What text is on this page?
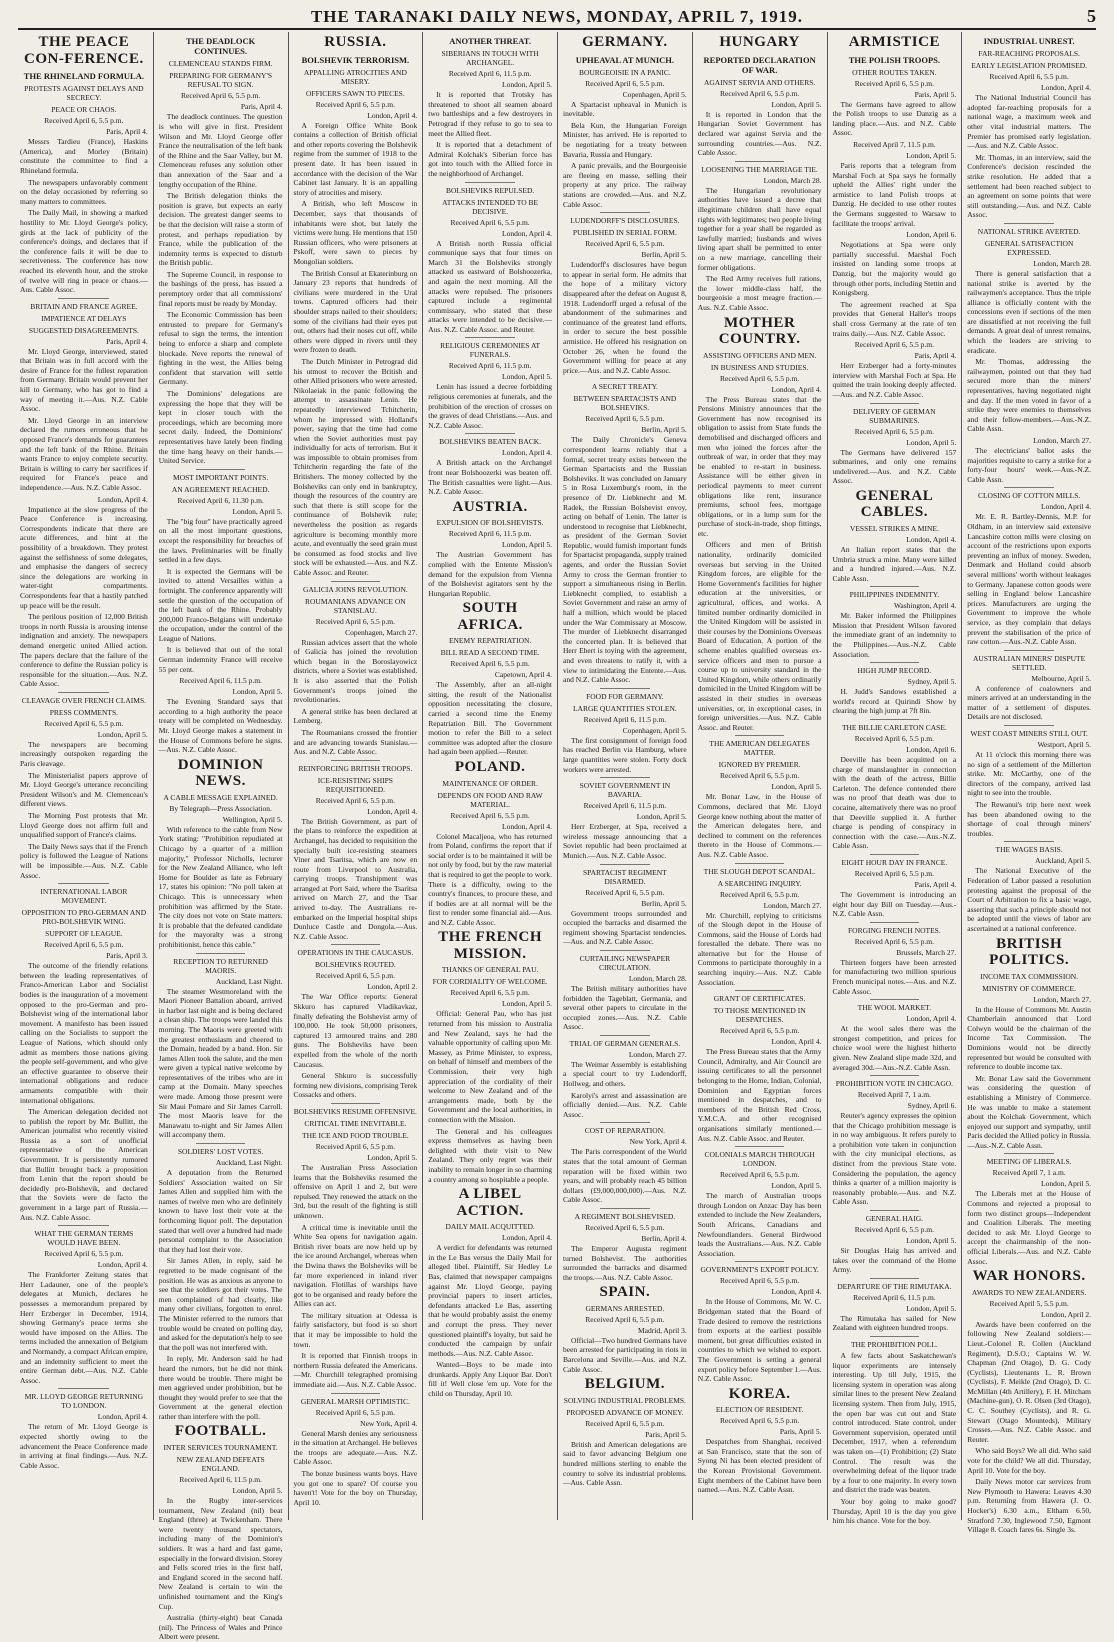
THE TARANAKI DAILY NEWS, MONDAY, APRIL 7, 1919.	5
THE PEACE CON-FERENCE.
THE RHINELAND FORMULA.
PROTESTS AGAINST DELAYS AND SECRECY.
PEACE OR CHAOS.
Received April 6, 5.5 p.m.
Paris, April 4.

Messrs Tardieu (France), Haskins (America), and Morley (Britain) constitute the committee to find a Rhineland formula.

The newspapers unfavorably comment on the delay occasioned by referring so many matters to committees.

The Daily Mail, in showing a marked hostility to Mr. Lloyd George's policy, girds at the lack of publicity of the conference's doings, and declares that if the conference fails it will be due to secretiveness. The conference has now reached its eleventh hour, and the stroke of twelve will ring in peace or chaos.—Aus. Cable Assoc.

BRITAIN AND FRANCE AGREE.
IMPATIENCE AT DELAYS
SUGGESTED DISAGREEMENTS.
Paris, April 4.

Mr. Lloyd George, interviewed, stated that Britain was in full accord with the desire of France for the fullest reparation from Germany. Britain would prevent her kill to Germany, who has got to find a way of meeting it.—Aus. N.Z. Cable Assoc.

Mr. Lloyd George in an interview declared the rumors erroneous that he opposed France's demands for guarantees and the left bank of the Rhine. Britain wants France to enjoy complete security. Britain is willing to carry her sacrifices if required for France's peace and independence.—Aus. N.Z. Cable Assoc.

London, April 4.

Impatience at the slow progress of the Peace Conference is increasing. Correspondents indicate that there are acute differences, and hint at the possibility of a breakdown. They protest against the selfishness of some delegates, and emphasise the dangers of secrecy since the delegations are working in water-tight compartments. Correspondents fear that a hastily patched up peace will be the result.

The perilous position of 12,000 British troops in north Russia is arousing intense indignation and anxiety. The newspapers demand energetic united Allied action. The papers declare that the failure of the conference to define the Russian policy is responsible for the situation.—Aus. N.Z. Cable Assoc.

CLEAVAGE OVER FRENCH CLAIMS.
PRESS COMMENTS.
Received April 6, 5.5 p.m.
London, April 5.

The newspapers are becoming increasingly outspoken regarding the Paris cleavage.

The Ministerialist papers approve of Mr. Lloyd George's utterance reconciling President Wilson's and M. Clemenceau's different views.

The Morning Post protests that Mr. Lloyd George does not affirm full and unqualified support of France's claims.

The Daily News says that if the French policy is followed the League of Nations will be impossible.—Aus. N.Z. Cable Assoc.

INTERNATIONAL LABOR MOVEMENT.
OPPOSITION TO PRO-GERMAN AND PRO-BOLSHEVIK WING.
SUPPORT OF LEAGUE.
Received April 6, 5.5 p.m.
Paris, April 3.

The outcome of the friendly relations between the leading representatives of Franco-American Labor and Socialist bodies is the inauguration of a movement opposed to the pro-German and pro-Bolshevist wing of the international labor movement. A manifesto has been issued calling on the Socialists to support the League of Nations, which should only admit as members those nations giving the people self-government, and who give an effective guarantee to observe their international obligations and reduce armaments compatible with their international obligations.

The American delegation decided not to publish the report by Mr. Bullitt, the American journalist who recently visited Russia as a sort of unofficial representative of the American Government. It is persistently rumored that Bullitt brought back a proposition from Lenin that the report should be decidedly pro-Bolshevik, and declared that the Soviets were de facto the government in a large part of Russia.—Aus. N.Z. Cable Assoc.

WHAT THE GERMAN TERMS WOULD HAVE BEEN.
Received April 6, 5.5 p.m.
London, April 4.

The Frankforter Zeitung states that Herr Ladauner, one of the people's delegates at Munich, declares he possesses a memorandum prepared by Herr Erzberger in December, 1914, showing Germany's peace terms she would have imposed on the Allies. The terms included the annexation of Belgium and Normandy, a compact African empire, and an indemnity sufficient to meet the entire German debt.—Aus. N.Z. Cable Assoc.

MR. LLOYD GEORGE RETURNING TO LONDON.
London, April 4.

The return of Mr. Lloyd George is expected shortly owing to the advancement the Peace Conference made in arriving at final findings.—Aus. N.Z. Cable Assoc.

THE DEADLOCK CONTINUES.
CLEMENCEAU STANDS FIRM.
PREPARING FOR GERMANY'S REFUSAL TO SIGN.
Received April 6, 5.5 p.m.
Paris, April 4.

The deadlock continues. The question is who will give in first. President Wilson and Mr. Lloyd George offer France the neutralisation of the left bank of the Rhine and the Saar Valley, but M. Clemenceau refuses any solution other than annexation of the Saar and a lengthy occupation of the Rhine.

The British delegation thinks the position is grave, but expects an early decision. The greatest danger seems to be that the decision will raise a storm of protest, and perhaps repudiation by France, while the publication of the indemnity terms is expected to disturb the British public.

The Supreme Council, in response to the bashings of the press, has issued a peremptory order that all commissions' final reports must be ready by Monday.

The Economic Commission has been entrusted to prepare for Germany's refusal to sign the terms, the intention being to enforce a sharp and complete blockade. Neve reports the renewal of fighting in the west, the Allies being confident that starvation will settle Germany.

The Dominions' delegations are expressing the hope that they will be kept in closer touch with the proceedings, which are becoming more secret daily. Indeed, the Dominions' representatives have lately been finding the time hang heavy on their hands.—United Service.

MOST IMPORTANT POINTS.
AN AGREEMENT REACHED.
Received April 6, 11.30 p.m.
London, April 5.

The "big four" have practically agreed on all the most important questions, except the responsibility for breaches of the laws. Preliminaries will be finally settled in a few days.

It is expected the Germans will be invited to attend Versailles within a fortnight. The conference apparently will settle the question of the occupation of the left bank of the Rhine. Probably 200,000 Franco-Belgians will undertake the occupation, under the control of the League of Nations.

It is believed that out of the total German indemnity France will receive 55 per cent.

Received April 6, 11.5 p.m.
London, April 5.

The Evening Standard says that according to a high authority the peace treaty will be completed on Wednesday. Mr. Lloyd George makes a statement in the House of Commons before he signs.—Aus. N.Z. Cable Assoc.

DOMINION NEWS.
A CABLE MESSAGE EXPLAINED.
By Telegraph—Press Association.
Wellington, April 5.

With reference to the cable from New York stating: "Prohibition repudiated at Chicago by a quarter of a million majority," Professor Nicholls, lecturer for the New Zealand Alliance, who left Home for Boulder as late as February 17, states his opinion: "No poll taken at Chicago. This is unnecessary when prohibition was affirmed by the State. The city does not vote on State matters. It is probable that the defeated candidate for the mayoralty was a strong prohibitionist, hence this cable."

RECEPTION TO RETURNED MAORIS.
Auckland, Last Night.

The steamer Westmoreland with the Maori Pioneer Battalion aboard, arrived in harbor last night and is being declared a clean ship. The troops were landed this morning. The Maoris were greeted with the greatest enthusiasm and cheered to the Domain, headed by a band. Hon. Sir James Allen took the salute, and the men were given a typical native welcome by representatives of the tribes who are in camp at the Domain. Many speeches were made. Among those present were Sir Maui Pomare and Sir James Carroll. The most Maoris leave for the Manawatu to-night and Sir James Allen will accompany them.

SOLDIERS' LOST VOTES.
Auckland, Last Night.

A deputation from the Returned Soldiers' Association waited on Sir James Allen and supplied him with the names of twelve men who are definitely known to have lost their vote at the forthcoming liquor poll. The deputation stated that well over a hundred had made personal complaint to the Association that they had lost their vote.

Sir James Allen, in reply, said he regretted to be made cognisant of the position. He was as anxious as anyone to see that the soldiers got their votes. The men complained of had clearly, like many other civilians, forgotten to enrol. The Minister referred to the rumors that trouble would be created on polling day, and asked for the deputation's help to see that the poll was not interfered with.

In reply, Mr. Anderson said he had heard the rumors, but he did not think there would be trouble. There might be men aggrieved under prohibition, but he thought they would prefer to see that the Government at the general election rather than interfere with the poll.

FOOTBALL.
INTER SERVICES TOURNAMENT.
NEW ZEALAND DEFEATS ENGLAND.
Received April 6, 11.5 p.m.
London, April 5.

In the Rugby inter-services tournament, New Zealand (nil) beat England (three) at Twickenham. There were twenty thousand spectators, including many of the Dominion's soldiers. It was a hard and fast game, especially in the forward division. Storey and Fells scored tries in the first half, and England scored in the second half. New Zealand is certain to win the unfinished tournament and the King's Cup.

Australia (thirty-eight) beat Canada (nil). The Princess of Wales and Prince Albert were present.

RUSSIA.
BOLSHEVIK TERRORISM.
APPALLING ATROCITIES AND MISERY.
OFFICERS SAWN TO PIECES.
Received April 6, 5.5 p.m.
London, April 4.

A Foreign Office White Book contains a collection of British official and other reports covering the Bolshevik regime from the summer of 1918 to the present date. It has been issued in accordance with the decision of the War Cabinet last January. It is an appalling story of atrocities and misery.

A British, who left Moscow in December, says that thousands of inhabitants were shot, but lately the victims were hung. He mentions that 150 Russian officers, who were prisoners at Pskoff, were sawn to pieces by Mongolian soldiers.

The British Consul at Ekaterinburg on January 23 reports that hundreds of civilians were murdered in the Ural towns. Captured officers had their shoulder straps nailed to their shoulders; some of the civilians had their eyes put out, others had their noses cut off, while others were dipped in rivers until they were frozen to death.

The Dutch Minister in Petrograd did his utmost to recover the British and other Allied prisoners who were arrested. Nikolaeiak in the panic following the attempt to assassinate Lenin. He repeatedly interviewed Tchitcherin, whom he impressed with Holland's power, saying that the time had come when the Soviet authorities must pay individually for acts of terrorism. But it was impossible to obtain promises from Tchitcherin regarding the fate of the Britishers. The money collected by the Bolsheviks can only end in bankruptcy, though the resources of the country are such that there is still scope for the continuance of Bolshevik rule; nevertheless the position as regards agriculture is becoming monthly more acute, and eventually the seed grain must be consumed as food stocks and live stock will be exhausted.—Aus. and N.Z. Cable Assoc. and Reuter.

GALICIA JOINS REVOLUTION.
ROUMANIANS ADVANCE ON STANISLAU.
Received April 6, 5.5 p.m.
Copenhagen, March 27.

Russian advices assert that the whole of Galicia has joined the revolution which began in the Boroslayowicz districts, where a Soviet was established. It is also asserted that the Polish Government's troops joined the revolutionaries.

A general strike has been declared at Lemberg.

The Roumanians crossed the frontier and are advancing towards Stanislau.—Aus. and N.Z. Cable Assoc.

REINFORCING BRITISH TROOPS.
ICE-RESISTING SHIPS REQUISITIONED.
Received April 6, 5.5 p.m.
London, April 4.

The British Government, as part of the plans to reinforce the expedition at Archangel, has decided to requisition the specially built ice-resisting steamers Viner and Tsaritsa, which are now en route from Liverpool to Australia, carrying troops. Transhipment was arranged at Port Said, where the Tsaritsa arrived on March 27, and the Tsar arrived to-day. The Australians re-embarked on the Imperial hospital ships Dunluce Castle and Dongola.—Aus. N.Z. Cable Assoc.

OPERATIONS IN THE CAUCASUS.
BOLSHEVIKS ROUTED.
Received April 6, 5.5 p.m.
London, April 2.

The War Office reports: General Skkuro has captured Vladikavkaz, finally defeating the Bolshevist army of 100,000. He took 50,000 prisoners, captured 13 armoured trains and 280 guns. The Bolsheviks have been expelled from the whole of the north Caucasus.

General Shkuro is successfully forming new divisions, comprising Terek Cossacks and others.

BOLSHEVIKS RESUME OFFENSIVE.
CRITICAL TIME INEVITABLE.
THE ICE AND FOOD TROUBLE.
Received April 6, 5.5 p.m.
London, April 5.

The Australian Press Association learns that the Bolsheviks resumed the offensive on April 1 and 2, but were repulsed. They renewed the attack on the 3rd, but the result of the fighting is still unknown.

A critical time is inevitable until the White Sea opens for navigation again. British river boats are now held up by the ice around Archangel, whereas when the Dwina thaws the Bolsheviks will be far more experienced in inland river navigation. Flotillas of warships have got to be organised and ready before the Allies can act.

The military situation at Odessa is fairly satisfactory, but food is so short that it may be impossible to hold the town.

It is reported that Finnish troops in northern Russia defeated the Americans.—Mr. Churchill telegraphed promising immediate aid.—Aus. N.Z. Cable Assoc.

GENERAL MARSH OPTIMISTIC.
Received April 6, 5.5 p.m.
New York, April 4.

General Marsh denies any seriousness in the situation at Archangel. He believes the troops are adequate.—Aus. N.Z. Cable Assoc.

The bonze business wants boys. Have you got one to spare? Of course you haven't! Vote for the boy on Thursday, April 10.

ANOTHER THREAT.
SIBERIANS IN TOUCH WITH ARCHANGEL.
Received April 6, 11.5 p.m.
London, April 5.

It is reported that Trotsky has threatened to shoot all seamen aboard two battleships and a few destroyers in Petrograd if they refuse to go to sea to meet the Allied fleet.

It is reported that a detachment of Admiral Kolchak's Siberian force has got into touch with the Allied force in the neighborhood of Archangel.

BOLSHEVIKS REPULSED.
ATTACKS INTENDED TO BE DECISIVE.
Received April 6, 5.5 p.m.
London, April 4.

A British north Russia official communique says that four times on March 31 the Bolsheviks strongly attacked us eastward of Bolshoozerka, and again the next morning. All the attacks were repulsed. The prisoners captured include a regimental commissary, who stated that these attacks were intended to be decisive.—Aus. N.Z. Cable Assoc. and Reuter.

RELIGIOUS CEREMONIES AT FUNERALS.
Received April 6, 11.5 p.m.
London, April 5.

Lenin has issued a decree forbidding religious ceremonies at funerals, and the prohibition of the erection of crosses on the graves of dead Christians.—Aus. and N.Z. Cable Assoc.

BOLSHEVIKS BEATEN BACK.
London, April 4.

A British attack on the Archangel front near Bolshoozerki was beaten off. The British casualties were light.—Aus. N.Z. Cable Assoc.

AUSTRIA.
EXPULSION OF BOLSHEVISTS.
Received April 6, 11.5 p.m.
London, April 5.

The Austrian Government has complied with the Entente Mission's demand for the expulsion from Vienna of the Bolshevist agitators sent by the Hungarian Republic.

SOUTH AFRICA.
ENEMY REPATRIATION.
BILL READ A SECOND TIME.
Received April 6, 5.5 p.m.
Capetown, April 4.

The Assembly, after an all-night sitting, the result of the Nationalist opposition necessitating the closure, carried a second time the Enemy Repatriation Bill. The Government motion to refer the Bill to a select committee was adopted after the closure had again been applied.—Reuter.

POLAND.
MAINTENANCE OF ORDER.
DEPENDS ON FOOD AND RAW MATERIAL.
Received April 6, 5.5 p.m.
London, April 4.

Colonel Macaljeoa, who has returned from Poland, confirms the report that if social order is to be maintained it will be not only by food, but by the raw material that is required to get the people to work. There is a difficulty, owing to the country's finances, to procure these, and if bodies are at all normal will be the first to render some financial aid.—Aus. and N.Z. Cable Assoc.

THE FRENCH MISSION.
THANKS OF GENERAL PAU.
FOR CORDIALITY OF WELCOME.
Received April 6, 5.5 p.m.
London, April 5.

Official: General Pau, who has just returned from his mission to Australia and New Zealand, says he had the valuable opportunity of calling upon Mr. Massey, as Prime Minister, to express, on behalf of himself and members of the Commission, their very high appreciation of the cordiality of their welcome to New Zealand and of the arrangements made, both by the Government and the local authorities, in connection with the Mission.

The General and his colleagues express themselves as having been delighted with their visit to New Zealand. They only regret was their inability to remain longer in so charming a country among so hospitable a people.

A LIBEL ACTION.
DAILY MAIL ACQUITTED.
London, April 4.

A verdict for defendants was returned in the Le Bas versus the Daily Mail for alleged libel. Plaintiff, Sir Hedley Le Bas, claimed that newspaper campaigns against Mr. Lloyd George, paying provincial papers to insert articles, defendants attacked Le Bas, asserting that he would probably assist the enemy and corrupt the press. They never questioned plaintiff's loyalty, but said he conducted the campaign by unfair methods.—Aus. N.Z. Cable Assoc.

Wanted—Boys to be made into drunkards. Apply Any Liquor Bar. Don't fill it! Well close 'em up. Vote for the child on Thursday, April 10.

GERMANY.
UPHEAVAL AT MUNICH.
BOURGEOISIE IN A PANIC.
Received April 6, 5.5 p.m.
Copenhagen, April 5.

A Spartacist upheaval in Munich is inevitable.

Bela Kun, the Hungarian Foreign Minister, has arrived. He is reported to be negotiating for a treaty between Bavaria, Russia and Hungary.

A panic prevails, and the Bourgeoisie are fleeing en masse, selling their property at any price. The railway stations are crowded.—Aus. and N.Z. Cable Assoc.

LUDENDORFF'S DISCLOSURES.
PUBLISHED IN SERIAL FORM.
Received April 6, 5.5 p.m.
Berlin, April 5.

Ludendorff's disclosures have begun to appear in serial form. He admits that the hope of a military victory disappeared after the defeat on August 8, 1918. Ludendorff urged a refusal of the abandonment of the submarines and continuance of the greatest land efforts, in order to secure the best possible armistice. He offered his resignation on October 26, when he found the Government willing for peace at any price.—Aus. and N.Z. Cable Assoc.

A SECRET TREATY.
BETWEEN SPARTACISTS AND BOLSHEVIKS.
Received April 6, 5.5 p.m.
Berlin, April 5.

The Daily Chronicle's Geneva correspondent learns reliably that a formal, secret treaty exists between the German Spartacists and the Russian Bolsheviks. It was concluded on January 5 in Rosa Luxemburg's room, in the presence of Dr. Liebknecht and M. Radek, the Russian Bolshevist envoy, acting on behalf of Lenin. The latter is understood to recognise that Liebknecht, as president of the German Soviet Republic, would furnish important funds for Spartacist propaganda, supply trained agents, and order the Russian Soviet Army to cross the German frontier to support a simultaneous rising in Berlin. Liebknecht complied, to establish a Soviet Government and raise an army of half a million, which would be placed under the War Commissary at Moscow. The murder of Liebknecht disarranged the concerted plan. It is believed that Herr Ebert is toying with the agreement, and even threatens to ratify it, with a view to intimidating the Entente.—Aus. and N.Z. Cable Assoc.

FOOD FOR GERMANY.
LARGE QUANTITIES STOLEN.
Received April 6, 11.5 p.m.
Copenhagen, April 5.

The first consignment of foreign food has reached Berlin via Hamburg, where large quantities were stolen. Forty dock workers were arrested.

SOVIET GOVERNMENT IN BAVARIA.
Received April 6, 11.5 p.m.
London, April 5.

Herr Erzberger, at Spa, received a wireless message announcing that a Soviet republic had been proclaimed at Munich.—Aus. N.Z. Cable Assoc.

SPARTACIST REGIMENT DISARMED.
Received April 6, 5.5 p.m.
Berlin, April 5.

Government troops surrounded and occupied the barracks and disarmed the regiment showing Spartacist tendencies.—Aus. and N.Z. Cable Assoc.

CURTAILING NEWSPAPER CIRCULATION.
London, March 28.

The British military authorities have forbidden the Tageblatt, Germania, and several other papers to circulate in the occupied zones.—Aus. N.Z. Cable Assoc.

TRIAL OF GERMAN GENERALS.
London, March 27.

The Weimar Assembly is establishing a special court to try Ludendorff, Hollweg, and others.

Karolyi's arrest and assassination are officially denied.—Aus. N.Z. Cable Assoc.

COST OF REPARATION.
New York, April 4.

The Paris correspondent of the World states that the total amount of German reparation will be fixed within two years, and will probably reach 45 billion dollars (£9,000,000,000).—Aus. N.Z. Cable Assoc.

A REGIMENT BOLSHEVISED.
Received April 6, 5.5 p.m.
Berlin, April 4.

The Emperor Augusta regiment turned Bolshevist. The authorities surrounded the barracks and disarmed the troops.—Aus. N.Z. Cable Assoc.

SPAIN.
GERMANS ARRESTED.
Received April 6, 5.5 p.m.
Madrid, April 3.

Official—Two hundred Germans have been arrested for participating in riots in Barcelona and Seville.—Aus. and N.Z. Cable Assoc.

BELGIUM.
SOLVING INDUSTRIAL PROBLEMS.
PROPOSED ADVANCE OF MONEY.
Received April 6, 5.5 p.m.
Paris, April 5.

British and American delegations are said to favor advancing Belgium one hundred millions sterling to enable the country to solve its industrial problems.—Aus. Cable Assn.

HUNGARY
REPORTED DECLARATION OF WAR.
AGAINST SERVIA AND OTHERS.
Received April 6, 5.5 p.m.
London, April 5.

It is reported in London that the Hungarian Soviet Government has declared war against Servia and the surrounding countries.—Aus. N.Z. Cable Assoc.

LOOSENING THE MARRIAGE TIE.
London, March 28.

The Hungarian revolutionary authorities have issued a decree that illegitimate children shall have equal rights with legitimates; two people living together for a year shall be regarded as lawfully married; husbands and wives living apart shall be permitted to enter on a new marriage, cancelling their former obligations.

The Red Army receives full rations, the lower middle-class half, the bourgeoisie a most meagre fraction.—Aus. N.Z. Cable Assoc.

MOTHER COUNTRY.
ASSISTING OFFICERS AND MEN.
IN BUSINESS AND STUDIES.
Received April 6, 5.5 p.m.
London, April 4.

The Press Bureau states that the Pensions Ministry announces that the Government has now recognised its obligation to assist from State funds the demobilised and discharged officers and men who joined the forces after the outbreak of war, in order that they may be enabled to re-start in business. Assistance will be either given in periodical payments to meet current obligations like rent, insurance premiums, school fees, mortgage obligations, or in a lump sum for the purchase of stock-in-trade, shop fittings, etc.

Officers and men of British nationality, ordinarily domiciled overseas but serving in the United Kingdom forces, are eligible for the Home Government's facilities for higher education at the universities, or agricultural, offices, and works. A limited number ordinarily domiciled in the United Kingdom will be assisted in their courses by the Dominions Overseas Board of Education. A portion of the scheme enables qualified overseas ex-service officers and men to pursue a course up to university standard in the United Kingdom, while others ordinarily domiciled in the United Kingdom will be assisted in their studies in overseas universities, or, in exceptional cases, in foreign universities.—Aus. N.Z. Cable Assoc. and Reuter.

THE AMERICAN DELEGATES MATTER.
IGNORED BY PREMIER.
Received April 6, 5.5 p.m.
London, April 5.

Mr. Bonar Law, in the House of Commons, declared that Mr. Lloyd George knew nothing about the matter of the American delegates here, and declined to comment on the references thereto in the House of Commons.—Aus. N.Z. Cable Assoc.

THE SLOUGH DEPOT SCANDAL.
A SEARCHING INQUIRY.
Received April 6, 5.5 p.m.
London, March 27.

Mr. Churchill, replying to criticisms of the Slough depot in the House of Commons, said the House of Lords had forestalled the debate. There was no alternative but for the House of Commons to participate thoroughly in a searching inquiry.—Aus. N.Z. Cable Association.

GRANT OF CERTIFICATES.
TO THOSE MENTIONED IN DESPATCHES.
Received April 6, 5.5 p.m.
London, April 4.

The Press Bureau states that the Army Council, Admiralty, and Air Council are issuing certificates to all the personnel belonging to the Home, Indian, Colonial, Dominion and Egyptian forces mentioned in despatches, and to members of the British Red Cross, Y.M.C.A. and other recognised organisations similarly mentioned.—Aus. N.Z. Cable Assoc. and Reuter.

COLONIALS MARCH THROUGH LONDON.
Received April 6, 5.5 p.m.
London, April 5.

The march of Australian troops through London on Anzac Day has been extended to include the New Zealanders, South Africans, Canadians and Newfoundlanders. General Birdwood leads the Australians.—Aus. N.Z. Cable Association.

GOVERNMENT'S EXPORT POLICY.
Received April 6, 5.5 p.m.
London, April 4.

In the House of Commons, Mr. W. C. Bridgeman stated that the Board of Trade desired to remove the restrictions from exports at the earliest possible moment, but great difficulties existed in countries to which we wished to export. The Government is setting a general export policy before September 1.—Aus. N.Z. Cable Assoc.

KOREA.
ELECTION OF RESIDENT.
Received April 6, 5.5 p.m.
Paris, April 5.

Despatches from Shanghai, received at San Francisco, state that the son of Syong Ni has been elected president of the Korean Provisional Government. Eight members of the Cabinet have been named.—Aus. N.Z. Cable Assn.

ARMISTICE
THE POLISH TROOPS.
OTHER ROUTES TAKEN.
Received April 6, 5.5 p.m.
Paris, April 5.

The Germans have agreed to allow the Polish troops to use Danzig as a landing place.—Aus. and N.Z. Cable Assoc.

Received April 7, 11.5 p.m.
London, April 5.

Paris reports that a telegram from Marshal Foch at Spa says he formally upheld the Allies' right under the armistice to land Polish troops at Danzig. He decided to use other routes the Germans suggested to Warsaw to facilitate the troops' arrival.

London, April 6.

Negotiations at Spa were only partially successful. Marshal Foch insisted on landing some troops at Danzig, but the majority would go through other ports, including Stettin and Konigsberg.

The agreement reached at Spa provides that General Haller's troops shall cross Germany at the rate of ten trains daily.—Aus. N.Z. Cable Assoc.

Received April 6, 5.5 p.m.
Paris, April 4.

Herr Erzberger had a forty-minutes interview with Marshal Foch at Spa. He quitted the train looking deeply affected.—Aus. and N.Z. Cable Assoc.

DELIVERY OF GERMAN SUBMARINES.
Received April 6, 5.5 p.m.
London, April 5.

The Germans have delivered 157 submarines, and only one remains undelivered.—Aus. and N.Z. Cable Assoc.

GENERAL CABLES.
VESSEL STRIKES A MINE.
London, April 4.

An Italian report states that the Umbria struck a mine. Many were killed and a hundred injured.—Aus. N.Z. Cable Assn.

PHILIPPINES INDEMNITY.
Washington, April 4.

Mr. Baker informed the Philippines Mission that President Wilson favored the immediate grant of an indemnity to the Philippines.—Aus.-N.Z. Cable Association.

HIGH JUMP RECORD.
Sydney, April 5.

H. Judd's Sandows established a world's record at Quirindi Show by clearing the high jump at 7ft 8in.

THE BILLIE CARLETON CASE.
Received April 6, 5.5 p.m.
London, April 6.

Deeville has been acquitted on a charge of manslaughter in connection with the death of the actress, Billie Carleton. The defence contended there was no proof that death was due to cocaine, alternatively there was no proof that Deeville supplied it. A further charge is pending of conspiracy in connection with the case.—Aus.-N.Z. Cable Assn.

EIGHT HOUR DAY IN FRANCE.
Received April 6, 5.5 p.m.
Paris, April 4.

The Government is introducing an eight hour day Bill on Tuesday.—Aus.-N.Z. Cable Assn.

FORGING FRENCH NOTES.
Received April 6, 5.5 p.m.
Brussels, March 27.

Thirteen forgers have been arrested for manufacturing two million spurious French municipal notes.—Aus. and N.Z. Cable Assoc.

THE WOOL MARKET.
London, April 4.

At the wool sales there was the strongest competition, and prices for choice wool were the highest hitherto given. New Zealand slipe made 32d, and averaged 30d.—Aus.-N.Z. Cable Assn.

PROHIBITION VOTE IN CHICAGO.
Received April 7, 1 a.m.
Sydney, April 6.

Reuter's agency expresses the opinion that the Chicago prohibition message is in no way ambiguous. It refers purely to a prohibition vote taken in conjunction with the city municipal elections, as distinct from the previous State vote. Considering the population, the agency thinks a quarter of a million majority is reasonably probable.—Aus. and N.Z. Cable Assn.

GENERAL HAIG.
Received April 6, 5.5 p.m.
London, April 5.

Sir Douglas Haig has arrived and takes over the command of the Home Army.

DEPARTURE OF THE RIMUTAKA.
Received April 6, 11.5 p.m.
London, April 5.

The Rimutaka has sailed for New Zealand with eighteen hundred troops.

THE PROHIBITION POLL.

A few facts about Saskatchewan's liquor experiments are intensely interesting. Up till July, 1915, the licensing system in operation was along similar lines to the present New Zealand licensing system. Then from July, 1915, the open bar was cut out and State control introduced. State control, under Government supervision, operated until December, 1917, when a referendum was taken on—(1) Prohibition; (2) State Control. The result was the overwhelming defeat of the liquor trade by a four to one majority. In every town and district the trade was beaten.

Your boy going to make good? Thursday, April 10 is the day you give him his chance. Vote for the boy.

INDUSTRIAL UNREST.
FAR-REACHING PROPOSALS.
EARLY LEGISLATION PROMISED.
Received April 6, 5.5 p.m.
London, April 4.

The National Industrial Council has adopted far-reaching proposals for a national wage, a maximum week and other vital industrial matters. The Premier has promised early legislation.—Aus. and N.Z. Cable Assoc.

Mr. Thomas, in an interview, said the Conference's decision rescinded the strike resolution. He added that a settlement had been reached subject to an agreement on some points that were still outstanding.—Aus. and N.Z. Cable Assoc.

NATIONAL STRIKE AVERTED.
GENERAL SATISFACTION EXPRESSED.
London, March 28.

There is general satisfaction that a national strike is averted by the railwaymen's acceptance. Thus the triple alliance is officially content with the concessions even if sections of the men are dissatisfied at not receiving the full demands. A great deal of unrest remains, which the leaders are striving to eradicate.

Mr. Thomas, addressing the railwaymen, pointed out that they had secured more than the miners' representatives, having negotiated night and day. If the men voted in favor of a strike they were enemies to themselves and their fellow-members.—Aus.-N.Z. Cable Assn.

London, March 27.

The electricians' ballot asks the majorities requisite to carry a strike for a forty-four hours' week.—Aus.-N.Z. Cable Assn.

CLOSING OF COTTON MILLS.
London, April 4.

Mr. E. R. Bartley-Dennis, M.P. for Oldham, in an interview said extensive Lancashire cotton mills were closing on account of the restrictions upon exports preventing an influx of money. Sweden, Denmark and Holland could absorb several millions' worth without leakages to Germany. Japanese cotton goods were selling in England below Lancashire prices. Manufacturers are urging the Government to improve the whole service, as they complain that delays prevent the stabilisation of the price of raw cotton.—Aus.-N.Z. Cable Assn.

AUSTRALIAN MINERS' DISPUTE SETTLED.
Melbourne, April 5.

A conference of coalowners and miners arrived at an understanding in the matter of a settlement of disputes. Details are not disclosed.

WEST COAST MINERS STILL OUT.
Westport, April 5.

At 11 o'clock this morning there was no sign of a settlement of the Millerton strike. Mr. McCarthy, one of the directors of the company, arrived last night to see into the trouble.

The Rewanui's trip here next week has been abandoned owing to the shortage of coal through miners' troubles.

THE WAGES BASIS.
Auckland, April 5.

The National Executive of the Federation of Labor passed a resolution protesting against the proposal of the Court of Arbitration to fix a basic wage, asserting that such a principle should not be adopted until the views of labor are ascertained at a national conference.

BRITISH POLITICS.
INCOME TAX COMMISSION.
MINISTRY OF COMMERCE.
London, March 27.

In the House of Commons Mr. Austin Chamberlain announced that Lord Colwyn would be the chairman of the Income Tax Commission. The Dominions would not be directly represented but would be consulted with reference to double income tax.

Mr. Bonar Law said the Government was considering the question of establishing a Ministry of Commerce. He was unable to make a statement about the Kolchak Government, which enjoyed our support and sympathy, until Paris decided the Allied policy in Russia.—Aus.-N.Z. Cable Assn.

MEETING OF LIBERALS.
Received April 7, 1 a.m.
London, April 5.

The Liberals met at the House of Commons and rejected a proposal to form two distinct groups—Independent and Coalition Liberals. The meeting decided to ask Mr. Lloyd George to accept the chairmanship of the non-official Liberals.—Aus. and N.Z. Cable Assoc.

WAR HONORS.
AWARDS TO NEW ZEALANDERS.
Received April 5, 5.5 p.m.
London, April 2.

Awards have been conferred on the following New Zealand soldiers:—Lieut.-Colonel R. Collen (Auckland Regiment), D.S.O.; Captains W. W. Chapman (2nd Otago), D. G. Cody (Cyclists), Lieutenants L. R. Brown (Cyclists), F. Meikle (2nd Otago), D. C. McMillan (4th Artillery), F. H. Mitcham (Machine-gun), O. R. Olsen (3rd Otago), C. C. Southey (Cyclists), and R. G. Stewart (Otago Mounteds), Military Crosses.—Aus. N.Z. Cable Assoc. and Reuter.

Who said Boys? We all did. Who said vote for the child? We all did. Thursday, April 10. Vote for the boy.

Daily News motor car services from New Plymouth to Hawera: Leaves 4.30 p.m. Returning from Hawera (J. O. Hocker's) 6.30 a.m., Eltham 6.50, Stratford 7.30, Inglewood 7.50, Egmont Village 8. Coach fares 6s. Single 3s.
